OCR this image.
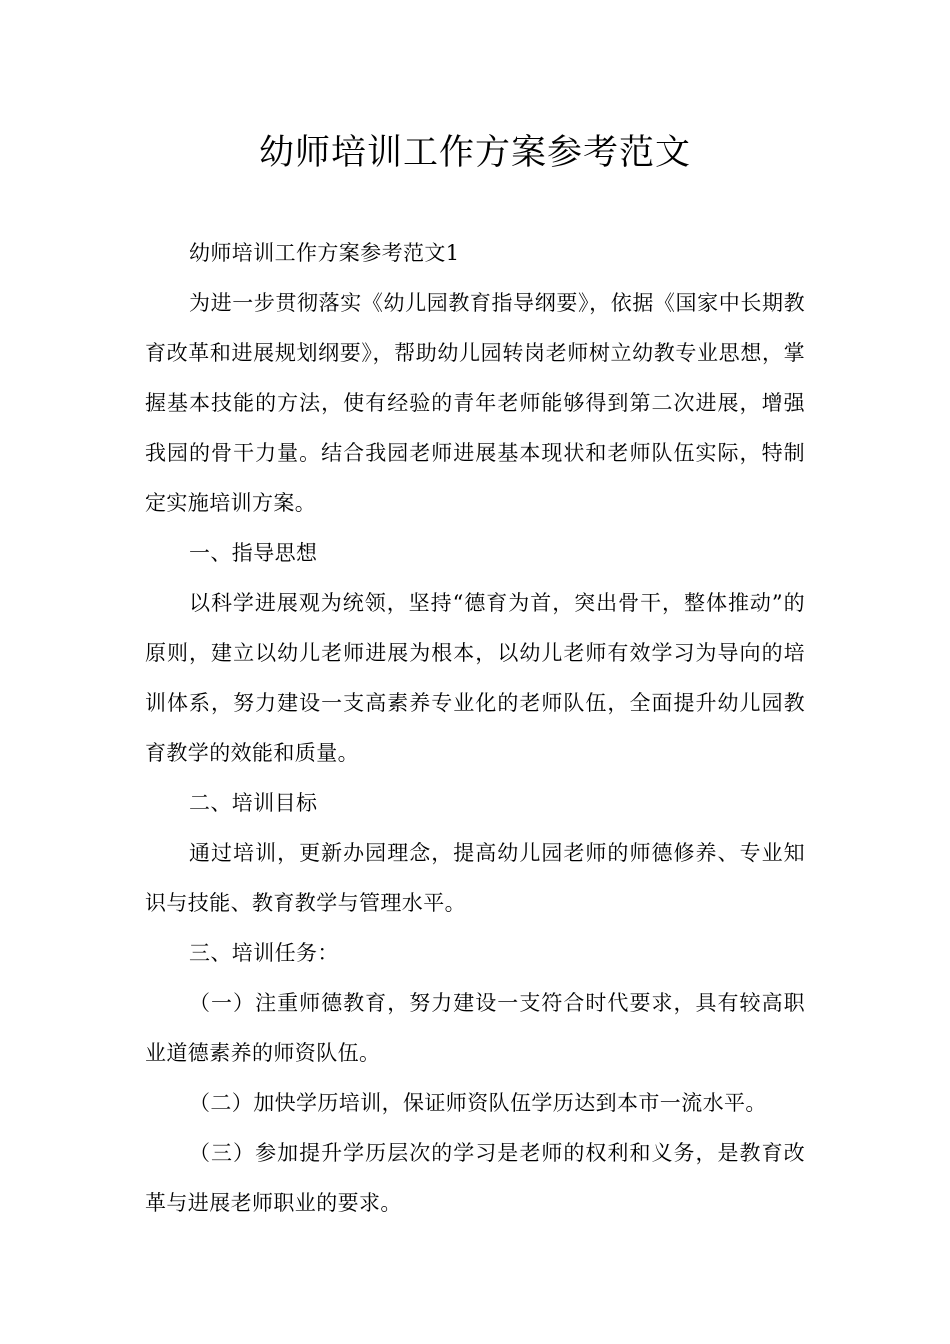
幼师培训工作方案参考范文

幼师培训工作方案参考范文1

为进一步贯彻落实《幼儿园教育指导纲要》，依据《国家中长期教育改革和进展规划纲要》，帮助幼儿园转岗老师树立幼教专业思想，掌握基本技能的方法，使有经验的青年老师能够得到第二次进展，增强我园的骨干力量。结合我园老师进展基本现状和老师队伍实际，特制定实施培训方案。

一、指导思想

以科学进展观为统领，坚持“德育为首，突出骨干，整体推动”的原则，建立以幼儿老师进展为根本，以幼儿老师有效学习为导向的培训体系，努力建设一支高素养专业化的老师队伍，全面提升幼儿园教育教学的效能和质量。

二、培训目标

通过培训，更新办园理念，提高幼儿园老师的师德修养、专业知识与技能、教育教学与管理水平。

三、培训任务：

（一）注重师德教育，努力建设一支符合时代要求，具有较高职业道德素养的师资队伍。

（二）加快学历培训，保证师资队伍学历达到本市一流水平。

（三）参加提升学历层次的学习是老师的权利和义务，是教育改革与进展老师职业的要求。
